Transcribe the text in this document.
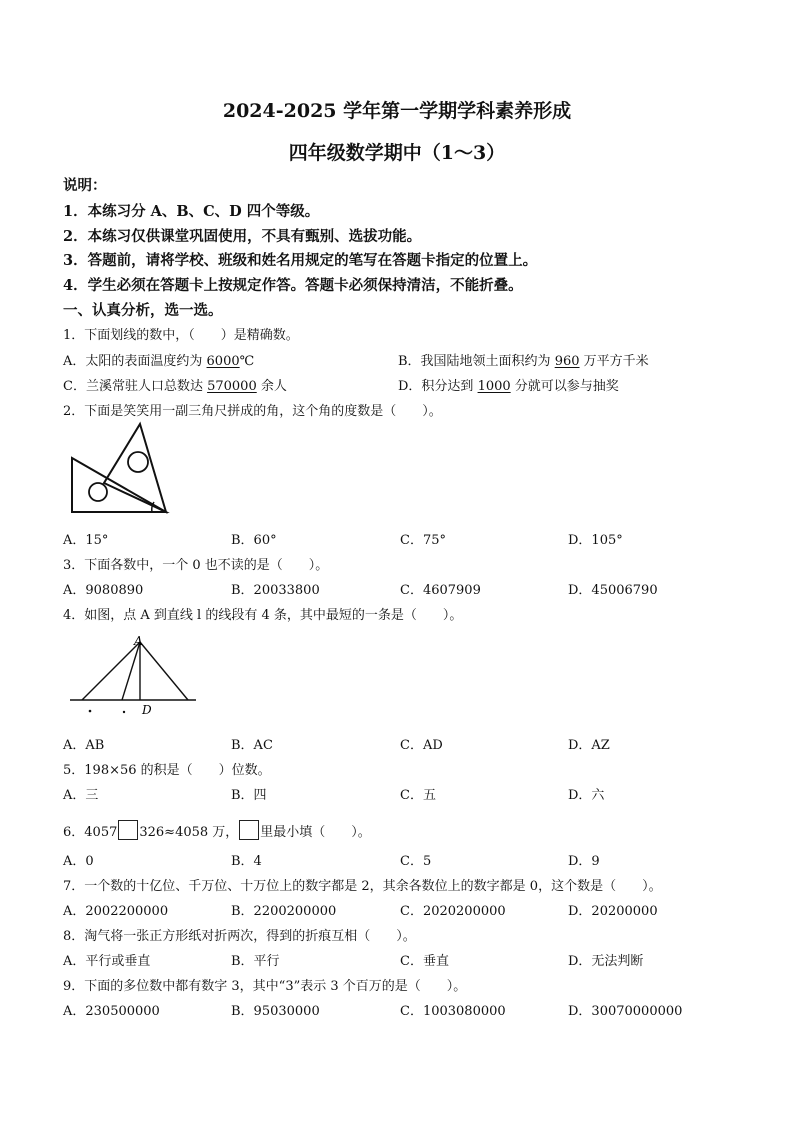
2024-2025 学年第一学期学科素养形成
四年级数学期中（1～3）
说明：
1．本练习分 A、B、C、D 四个等级。
2．本练习仅供课堂巩固使用，不具有甄别、选拔功能。
3．答题前，请将学校、班级和姓名用规定的笔写在答题卡指定的位置上。
4．学生必须在答题卡上按规定作答。答题卡必须保持清洁，不能折叠。
一、认真分析，选一选。
1．下面划线的数中，（　　）是精确数。
A．太阳的表面温度约为 6000℃	B．我国陆地领土面积约为 960 万平方千米
C．兰溪常驻人口总数达 570000 余人	D．积分达到 1000 分就可以参与抽奖
2．下面是笑笑用一副三角尺拼成的角，这个角的度数是（　　）。
A．15°	B．60°	C．75°	D．105°
3．下面各数中，一个 0 也不读的是（　　）。
A．9080890	B．20033800	C．4607909	D．45006790
4．如图，点 A 到直线 l 的线段有 4 条，其中最短的一条是（　　）。
A
D
A．AB	B．AC	C．AD	D．AZ
5．198×56 的积是（　　）位数。
A．三	B．四	C．五	D．六
6．4057 326≈4058 万， 里最小填（　　）。
A．0	B．4	C．5	D．9
7．一个数的十亿位、千万位、十万位上的数字都是 2，其余各数位上的数字都是 0，这个数是（　　）。
A．2002200000	B．2200200000	C．2020200000	D．20200000
8．淘气将一张正方形纸对折两次，得到的折痕互相（　　）。
A．平行或垂直	B．平行	C．垂直	D．无法判断
9．下面的多位数中都有数字 3，其中“3”表示 3 个百万的是（　　）。
A．230500000	B．95030000	C．1003080000	D．30070000000
